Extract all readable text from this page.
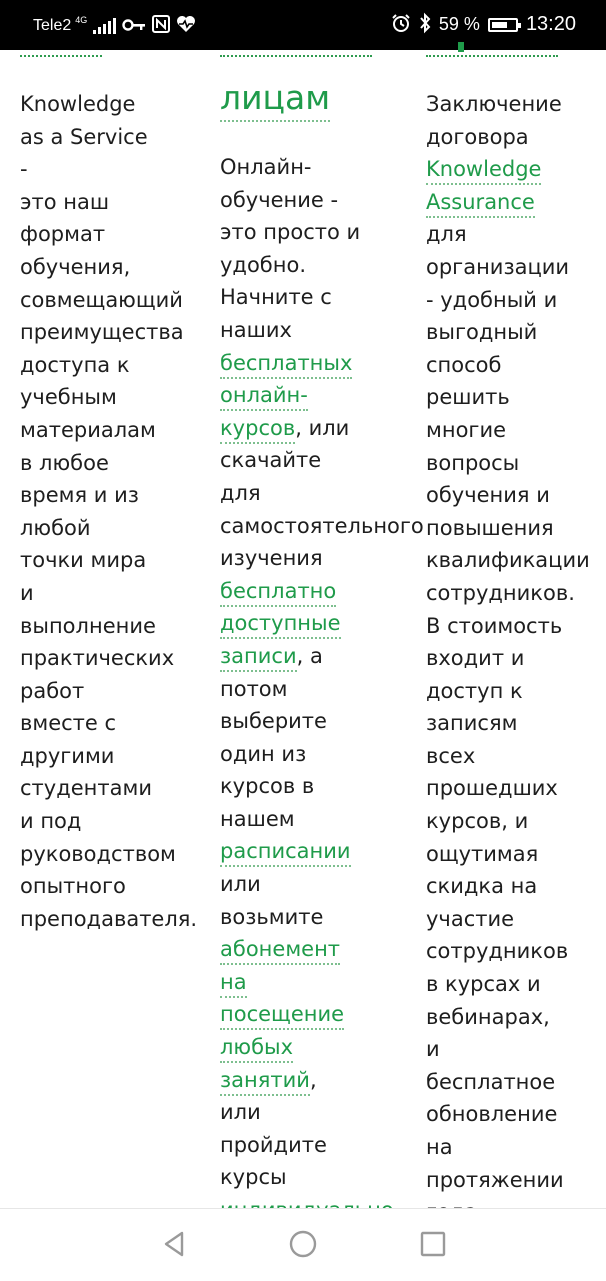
Tele2 4G	59 % 13:20

Knowledge
as a Service -
это наш
формат
обучения,
совмещающий
преимущества
доступа к
учебным
материалам
в любое
время и из
любой
точки мира
и
выполнение
практических
работ
вместе с
другими
студентами
и под
руководством
опытного
преподавателя.

лицам

Онлайн-
обучение -
это просто и
удобно.
Начните с
наших
бесплатных
онлайн-
курсов, или
скачайте для
самостоятельного
изучения
бесплатно
доступные
записи, а
потом
выберите
один из
курсов в
нашем
расписании
или
возьмите
абонемент
на
посещение
любых
занятий, или
пройдите
курсы

Заключение
договора
Knowledge
Assurance
для
организации
- удобный и
выгодный
способ
решить
многие
вопросы
обучения и
повышения
квалификации
сотрудников.
В стоимость
входит и
доступ к
записям
всех
прошедших
курсов, и
ощутимая
скидка на
участие
сотрудников
в курсах и
вебинарах, и
бесплатное
обновление
на
протяжении
